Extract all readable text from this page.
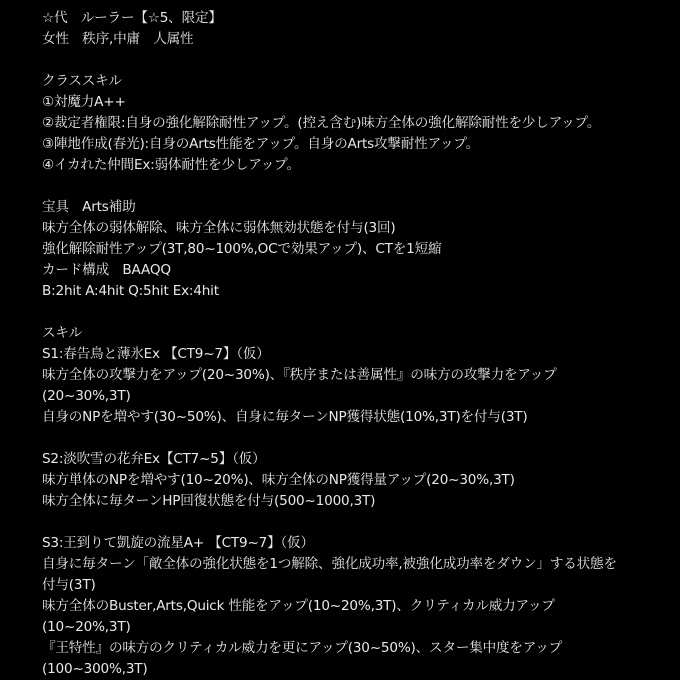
☆代　ルーラー【☆5、限定】
女性　秩序,中庸　人属性
クラススキル
①対魔力A++
②裁定者権限:自身の強化解除耐性アップ。(控え含む)味方全体の強化解除耐性を少しアップ。
③陣地作成(春光):自身のArts性能をアップ。自身のArts攻撃耐性アップ。
④イカれた仲間Ex:弱体耐性を少しアップ。
宝具　Arts補助
味方全体の弱体解除、味方全体に弱体無効状態を付与(3回)
強化解除耐性アップ(3T,80~100%,OCで効果アップ)、CTを1短縮
カード構成　BAAQQ
B:2hit A:4hit Q:5hit Ex:4hit
スキル
S1:春告鳥と薄氷Ex 【CT9~7】（仮）
味方全体の攻撃力をアップ(20~30%)、『秩序または善属性』の味方の攻撃力をアップ
(20~30%,3T)
自身のNPを増やす(30~50%)、自身に毎ターンNP獲得状態(10%,3T)を付与(3T)
S2:淡吹雪の花弁Ex【CT7~5】（仮）
味方単体のNPを増やす(10~20%)、味方全体のNP獲得量アップ(20~30%,3T)
味方全体に毎ターンHP回復状態を付与(500~1000,3T)
S3:王到りて凱旋の流星A+ 【CT9~7】（仮）
自身に毎ターン「敵全体の強化状態を1つ解除、強化成功率,被強化成功率をダウン」する状態を
付与(3T)
味方全体のBuster,Arts,Quick 性能をアップ(10~20%,3T)、クリティカル威力アップ
(10~20%,3T)
『王特性』の味方のクリティカル威力を更にアップ(30~50%)、スター集中度をアップ
(100~300%,3T)
